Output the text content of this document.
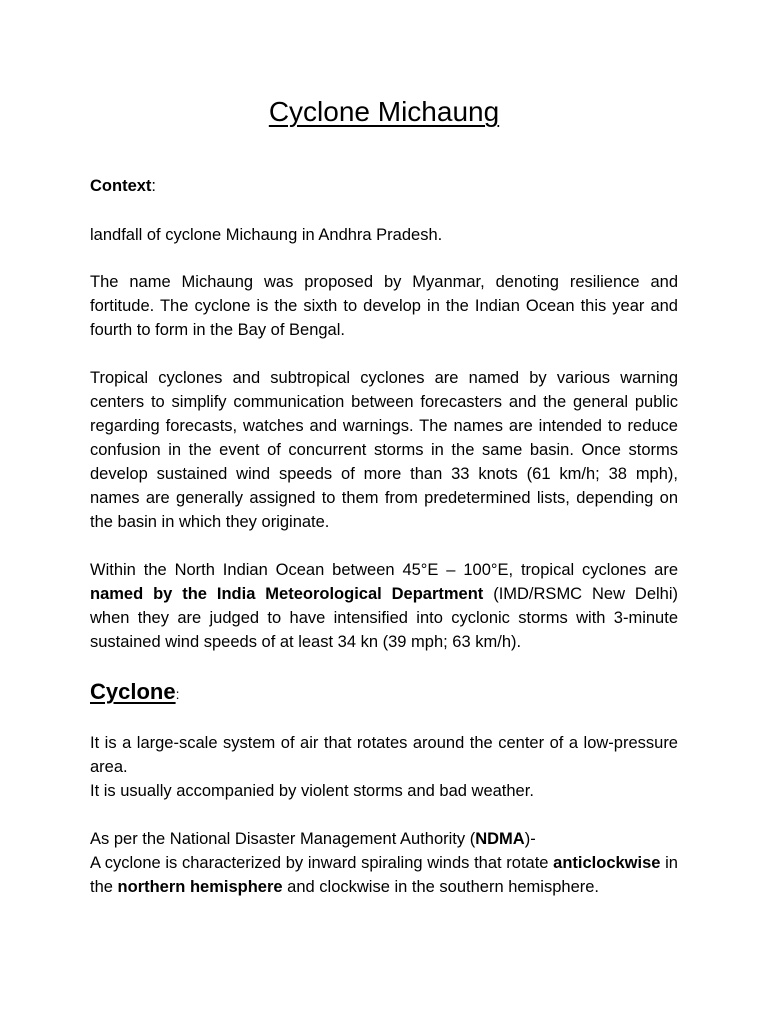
Cyclone Michaung

Context:

landfall of cyclone Michaung in Andhra Pradesh.

The name Michaung was proposed by Myanmar, denoting resilience and fortitude. The cyclone is the sixth to develop in the Indian Ocean this year and fourth to form in the Bay of Bengal.

Tropical cyclones and subtropical cyclones are named by various warning centers to simplify communication between forecasters and the general public regarding forecasts, watches and warnings. The names are intended to reduce confusion in the event of concurrent storms in the same basin. Once storms develop sustained wind speeds of more than 33 knots (61 km/h; 38 mph), names are generally assigned to them from predetermined lists, depending on the basin in which they originate.

Within the North Indian Ocean between 45°E – 100°E, tropical cyclones are named by the India Meteorological Department (IMD/RSMC New Delhi) when they are judged to have intensified into cyclonic storms with 3-minute sustained wind speeds of at least 34 kn (39 mph; 63 km/h).

Cyclone:

It is a large-scale system of air that rotates around the center of a low-pressure area.

It is usually accompanied by violent storms and bad weather.

As per the National Disaster Management Authority (NDMA)-

A cyclone is characterized by inward spiraling winds that rotate anticlockwise in the northern hemisphere and clockwise in the southern hemisphere.
